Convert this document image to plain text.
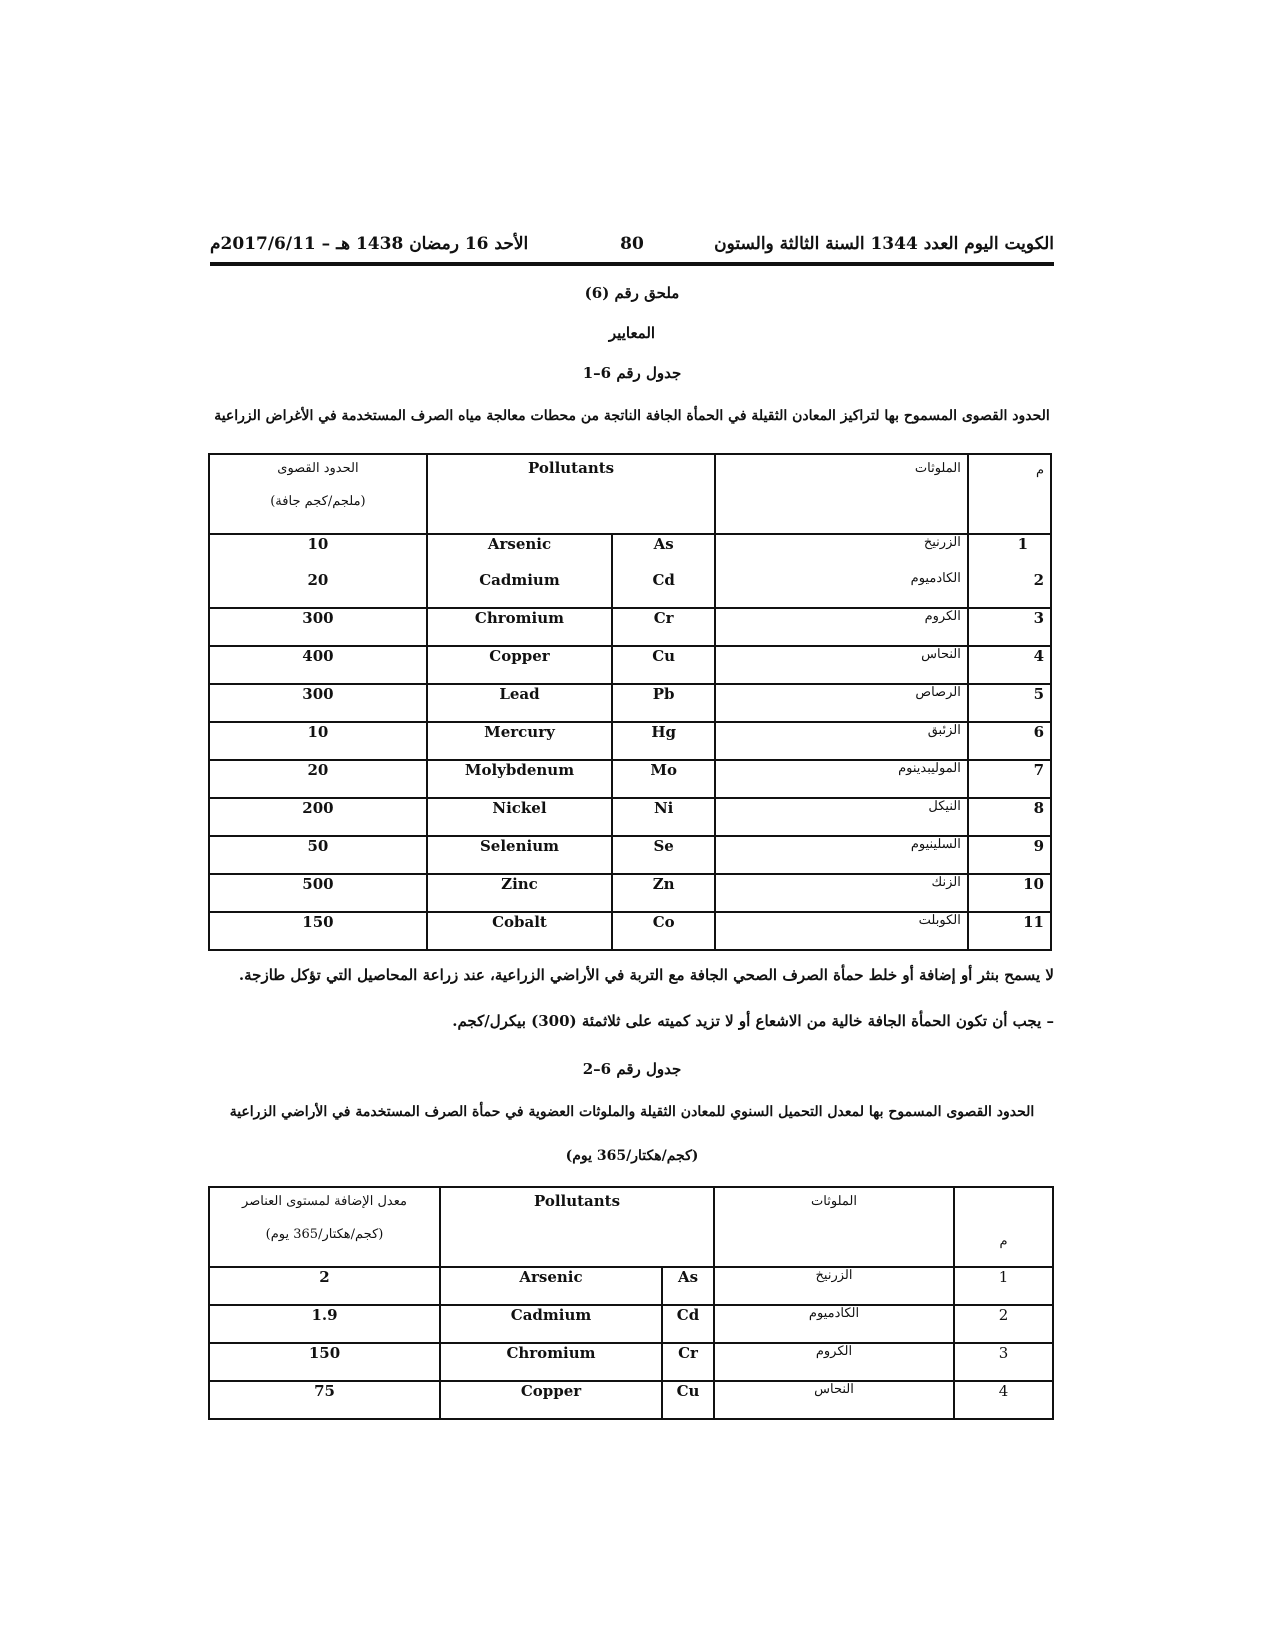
الكويت اليوم العدد 1344 السنة الثالثة والستون
80
الأحد 16 رمضان 1438 هـ – 2017/6/11م
ملحق رقم (6)
المعايير
جدول رقم 6–1
الحدود القصوى المسموح بها لتراكيز المعادن الثقيلة في الحمأة الجافة الناتجة من محطات معالجة مياه الصرف المستخدمة في الأغراض الزراعية
الحدود القصوى
(ملجم/كجم جافة)	Pollutants		الملوثات	م
10	Arsenic	As	الزرنيخ	1
20	Cadmium	Cd	الكادميوم	2
300	Chromium	Cr	الكروم	3
400	Copper	Cu	النحاس	4
300	Lead	Pb	الرصاص	5
10	Mercury	Hg	الزئبق	6
20	Molybdenum	Mo	الموليبدينوم	7
200	Nickel	Ni	النيكل	8
50	Selenium	Se	السلينيوم	9
500	Zinc	Zn	الزنك	10
150	Cobalt	Co	الكوبلت	11
لا يسمح بنثر أو إضافة أو خلط حمأة الصرف الصحي الجافة مع التربة في الأراضي الزراعية، عند زراعة المحاصيل التي تؤكل طازجة.
– يجب أن تكون الحمأة الجافة خالية من الاشعاع أو لا تزيد كميته على ثلاثمئة (300) بيكرل/كجم.
جدول رقم 6–2
الحدود القصوى المسموح بها لمعدل التحميل السنوي للمعادن الثقيلة والملوثات العضوية في حمأة الصرف المستخدمة في الأراضي الزراعية
(كجم/هكتار/365 يوم)
معدل الإضافة لمستوى العناصر
(كجم/هكتار/365 يوم)	Pollutants		الملوثات	م
2	Arsenic	As	الزرنيخ	1
1.9	Cadmium	Cd	الكادميوم	2
150	Chromium	Cr	الكروم	3
75	Copper	Cu	النحاس	4
